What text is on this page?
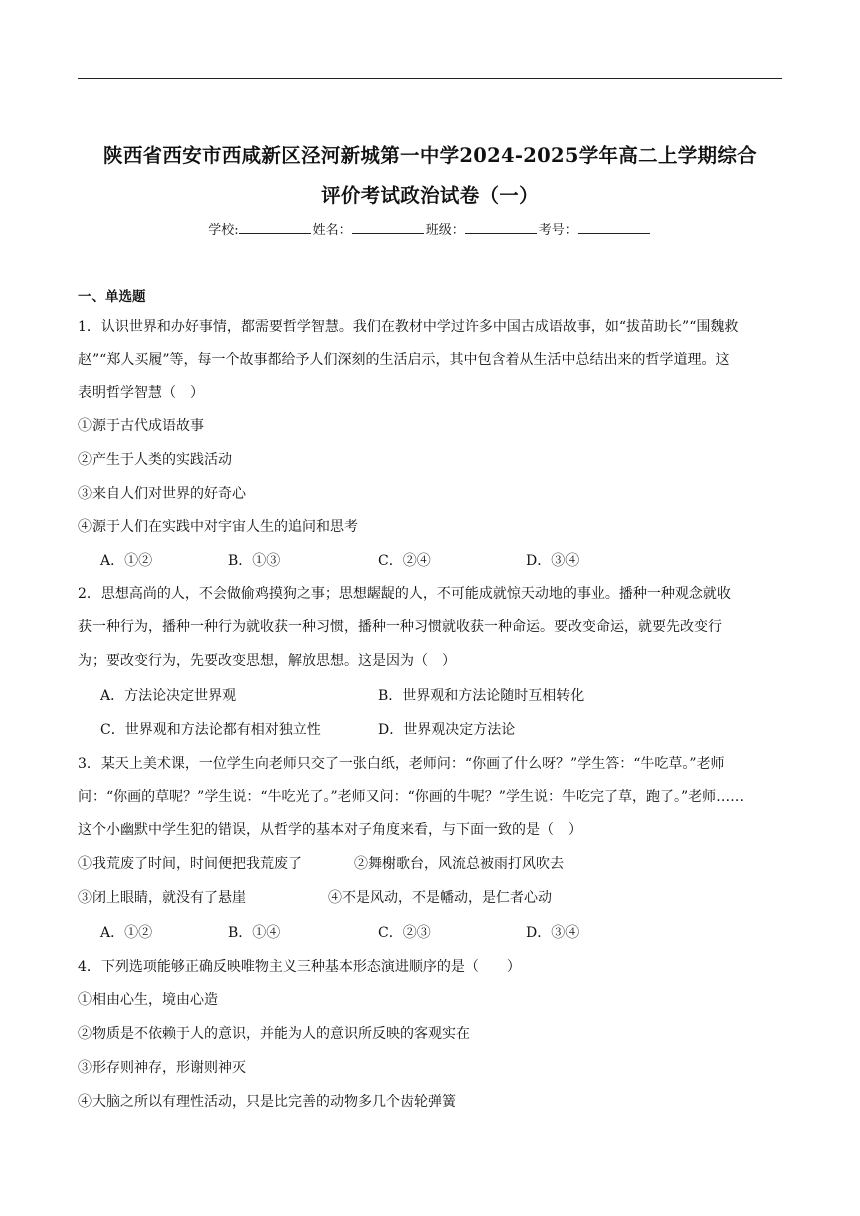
陕西省西安市西咸新区泾河新城第一中学2024-2025学年高二上学期综合
评价考试政治试卷（一）
学校:	姓名：	班级：	考号：
一、单选题
1．认识世界和办好事情，都需要哲学智慧。我们在教材中学过许多中国古成语故事，如“拔苗助长”“围魏救
赵”“郑人买履”等，每一个故事都给予人们深刻的生活启示，其中包含着从生活中总结出来的哲学道理。这
表明哲学智慧（　）
①源于古代成语故事
②产生于人类的实践活动
③来自人们对世界的好奇心
④源于人们在实践中对宇宙人生的追问和思考
A．①②	B．①③	C．②④	D．③④
2．思想高尚的人，不会做偷鸡摸狗之事；思想龌龊的人，不可能成就惊天动地的事业。播种一种观念就收
获一种行为，播种一种行为就收获一种习惯，播种一种习惯就收获一种命运。要改变命运，就要先改变行
为；要改变行为，先要改变思想，解放思想。这是因为（　）
A．方法论决定世界观	B．世界观和方法论随时互相转化
C．世界观和方法论都有相对独立性	D．世界观决定方法论
3．某天上美术课，一位学生向老师只交了一张白纸，老师问：“你画了什么呀？”学生答：“牛吃草。”老师
问：“你画的草呢？”学生说：“牛吃光了。”老师又问：“你画的牛呢？”学生说：牛吃完了草，跑了。”老师……
这个小幽默中学生犯的错误，从哲学的基本对子角度来看，与下面一致的是（　）
①我荒废了时间，时间便把我荒废了	②舞榭歌台，风流总被雨打风吹去
③闭上眼睛，就没有了悬崖	④不是风动，不是幡动，是仁者心动
A．①②	B．①④	C．②③	D．③④
4．下列选项能够正确反映唯物主义三种基本形态演进顺序的是（　　）
①相由心生，境由心造
②物质是不依赖于人的意识，并能为人的意识所反映的客观实在
③形存则神存，形谢则神灭
④大脑之所以有理性活动，只是比完善的动物多几个齿轮弹簧
